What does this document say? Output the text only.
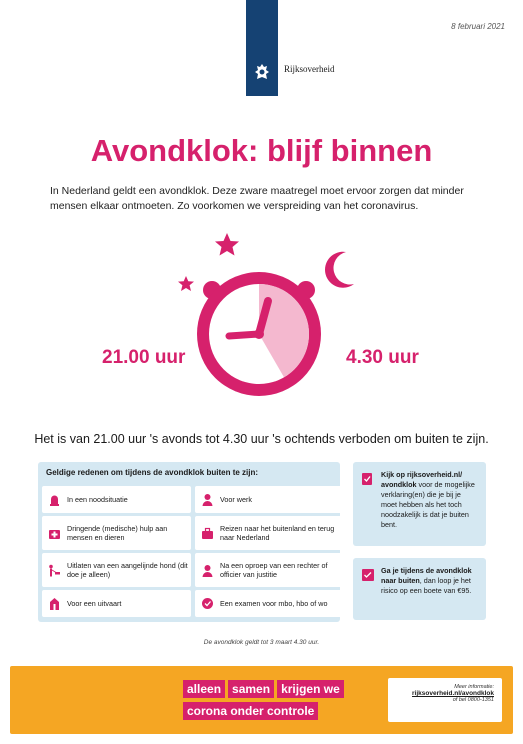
Rijksoverheid
8 februari 2021
Avondklok: blijf binnen
In Nederland geldt een avondklok. Deze zware maatregel moet ervoor zorgen dat minder mensen elkaar ontmoeten. Zo voorkomen we verspreiding van het coronavirus.
21.00 uur	4.30 uur
Het is van 21.00 uur 's avonds tot 4.30 uur 's ochtends verboden om buiten te zijn.
Geldige redenen om tijdens de avondklok buiten te zijn:
In een noodsituatie	Voor werk
Dringende (medische) hulp aan mensen en dieren
Reizen naar het buitenland en terug naar Nederland
Uitlaten van een aangelijnde hond (dit doe je alleen)
Na een oproep van een rechter of officier van justitie
Voor een uitvaart	Een examen voor mbo, hbo of wo
Kijk op rijksoverheid.nl/ avondklok voor de mogelijke verklaring(en) die je bij je moet hebben als het toch noodzakelijk is dat je buiten bent.
Ga je tijdens de avondklok naar buiten, dan loop je het risico op een boete van €95.
De avondklok geldt tot 3 maart 4.30 uur.
alleen samen krijgen we
corona onder controle
Meer informatie:
rijksoverheid.nl/avondklok
of bel 0800-1351
